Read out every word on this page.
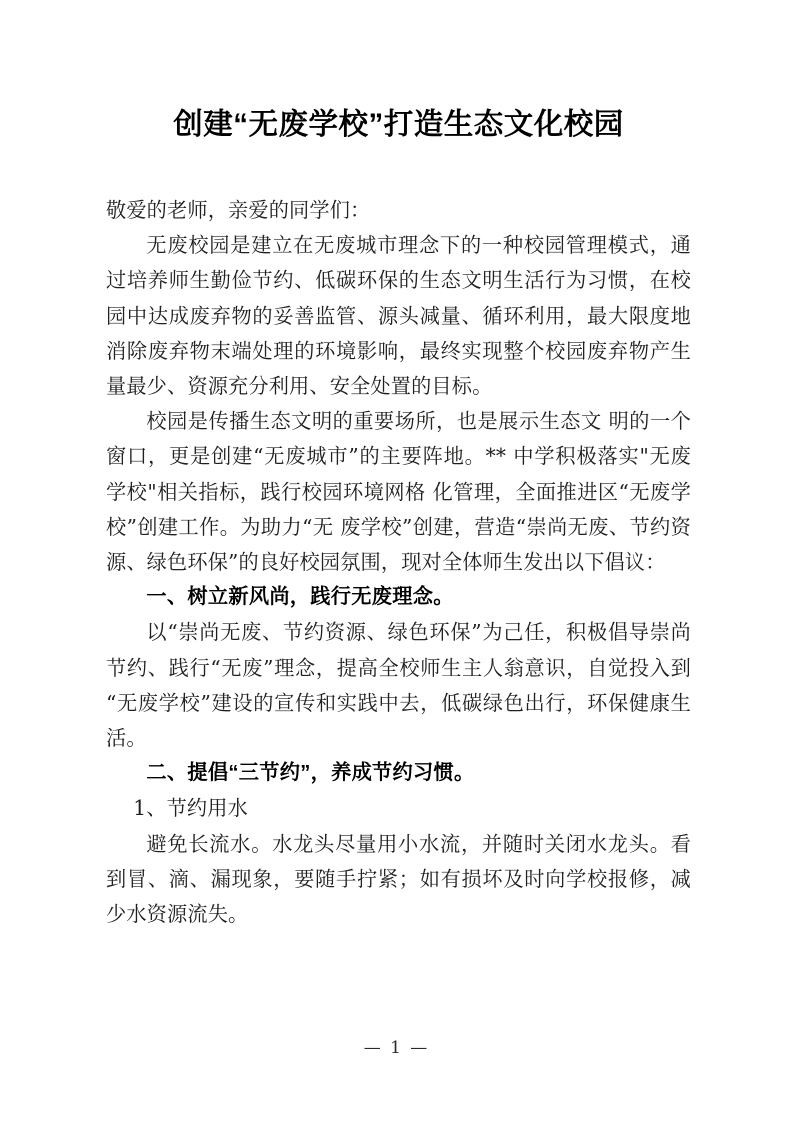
创建“无废学校”打造生态文化校园

敬爱的老师，亲爱的同学们：

无废校园是建立在无废城市理念下的一种校园管理模式，通过培养师生勤俭节约、低碳环保的生态文明生活行为习惯，在校园中达成废弃物的妥善监管、源头减量、循环利用，最大限度地消除废弃物末端处理的环境影响，最终实现整个校园废弃物产生量最少、资源充分利用、安全处置的目标。

校园是传播生态文明的重要场所，也是展示生态文 明的一个窗口，更是创建“无废城市”的主要阵地。** 中学积极落实"无废学校"相关指标，践行校园环境网格 化管理，全面推进区“无废学校”创建工作。为助力“无 废学校”创建，营造“崇尚无废、节约资源、绿色环保”的良好校园氛围，现对全体师生发出以下倡议：

一、树立新风尚，践行无废理念。

以“崇尚无废、节约资源、绿色环保”为己任，积极倡导崇尚节约、践行“无废”理念，提高全校师生主人翁意识，自觉投入到“无废学校”建设的宣传和实践中去，低碳绿色出行，环保健康生活。

二、提倡“三节约”，养成节约习惯。

1、节约用水

避免长流水。水龙头尽量用小水流，并随时关闭水龙头。看到冒、滴、漏现象，要随手拧紧；如有损坏及时向学校报修，减少水资源流失。

— 1 —
